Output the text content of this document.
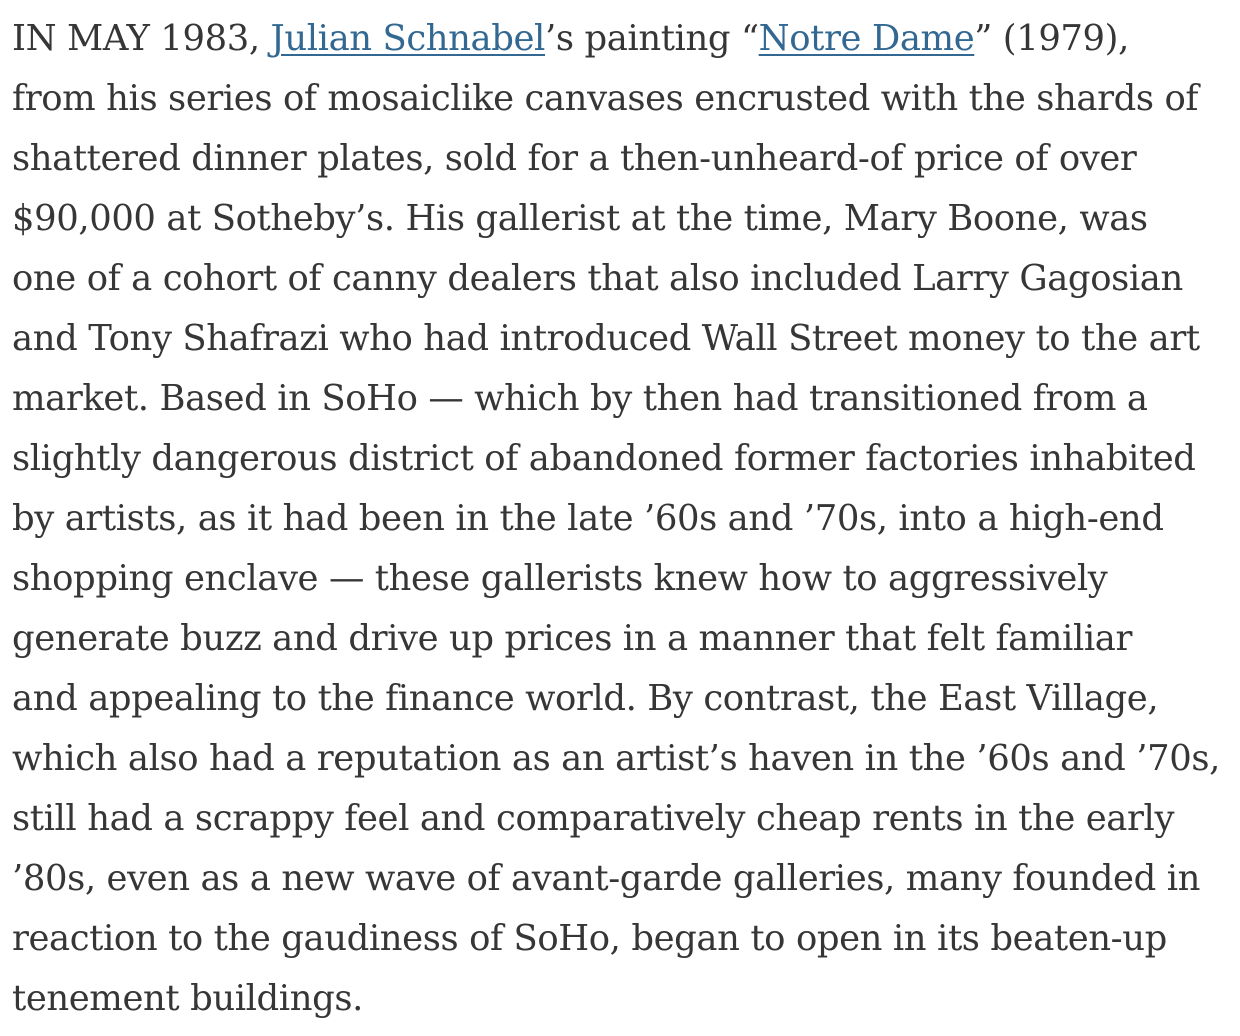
IN MAY 1983, Julian Schnabel’s painting “Notre Dame” (1979),
from his series of mosaiclike canvases encrusted with the shards of
shattered dinner plates, sold for a then-unheard-of price of over
$90,000 at Sotheby’s. His gallerist at the time, Mary Boone, was
one of a cohort of canny dealers that also included Larry Gagosian
and Tony Shafrazi who had introduced Wall Street money to the art
market. Based in SoHo — which by then had transitioned from a
slightly dangerous district of abandoned former factories inhabited
by artists, as it had been in the late ’60s and ’70s, into a high-end
shopping enclave — these gallerists knew how to aggressively
generate buzz and drive up prices in a manner that felt familiar
and appealing to the finance world. By contrast, the East Village,
which also had a reputation as an artist’s haven in the ’60s and ’70s,
still had a scrappy feel and comparatively cheap rents in the early
’80s, even as a new wave of avant-garde galleries, many founded in
reaction to the gaudiness of SoHo, began to open in its beaten-up
tenement buildings.
